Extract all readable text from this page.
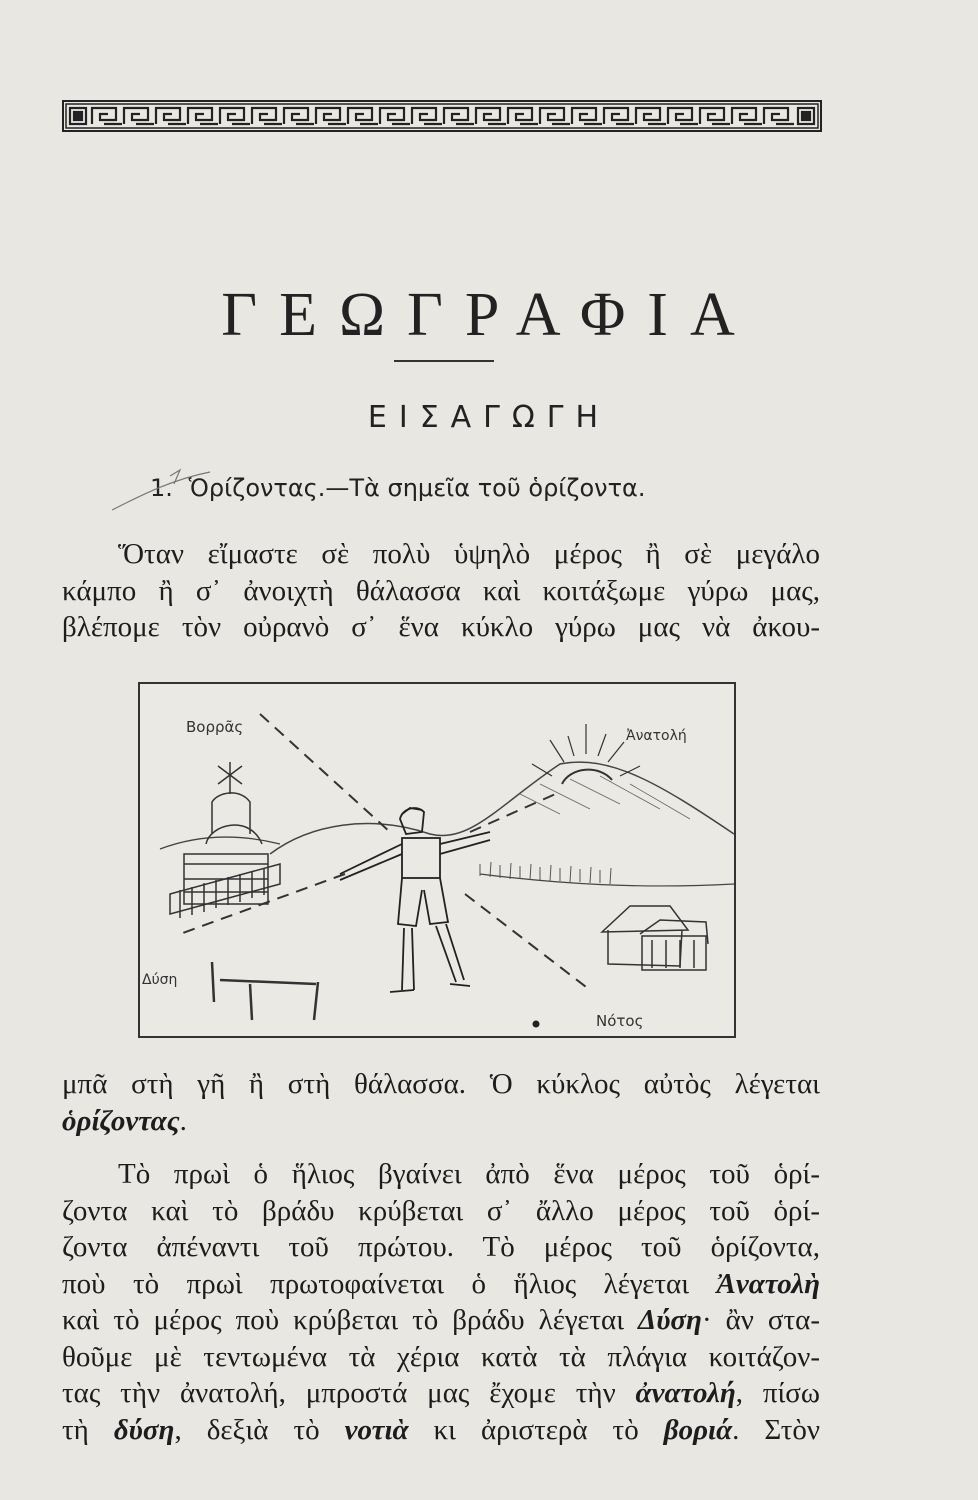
ΓΕΩΓΡΑΦΙΑ
ΕΙΣΑΓΩΓΗ
1. Ὁρίζοντας.—Τὰ σημεῖα τοῦ ὁρίζοντα.
Ὅταν εἴμαστε σὲ πολὺ ὑψηλὸ μέρος ἢ σὲ μεγάλο
κάμπο ἢ σ᾽ ἀνοιχτὴ θάλασσα καὶ κοιτάξωμε γύρω μας,
βλέπομε τὸν οὐρανὸ σ᾽ ἕνα κύκλο γύρω μας νὰ ἀκου-
Βορρᾶς	Ἀνατολή
Δύση
Νότος
μπᾶ στὴ γῆ ἢ στὴ θάλασσα. Ὁ κύκλος αὐτὸς λέγεται
ὁρίζοντας.
Τὸ πρωὶ ὁ ἥλιος βγαίνει ἀπὸ ἕνα μέρος τοῦ ὁρί-
ζοντα καὶ τὸ βράδυ κρύβεται σ᾽ ἄλλο μέρος τοῦ ὁρί-
ζοντα ἀπέναντι τοῦ πρώτου. Τὸ μέρος τοῦ ὁρίζοντα,
ποὺ τὸ πρωὶ πρωτοφαίνεται ὁ ἥλιος λέγεται Ἀνατολὴ
καὶ τὸ μέρος ποὺ κρύβεται τὸ βράδυ λέγεται Δύση· ἂν στα-
θοῦμε μὲ τεντωμένα τὰ χέρια κατὰ τὰ πλάγια κοιτάζον-
τας τὴν ἀνατολή, μπροστά μας ἔχομε τὴν ἀνατολή, πίσω
τὴ δύση, δεξιὰ τὸ νοτιὰ κι ἀριστερὰ τὸ βοριά. Στὸν
